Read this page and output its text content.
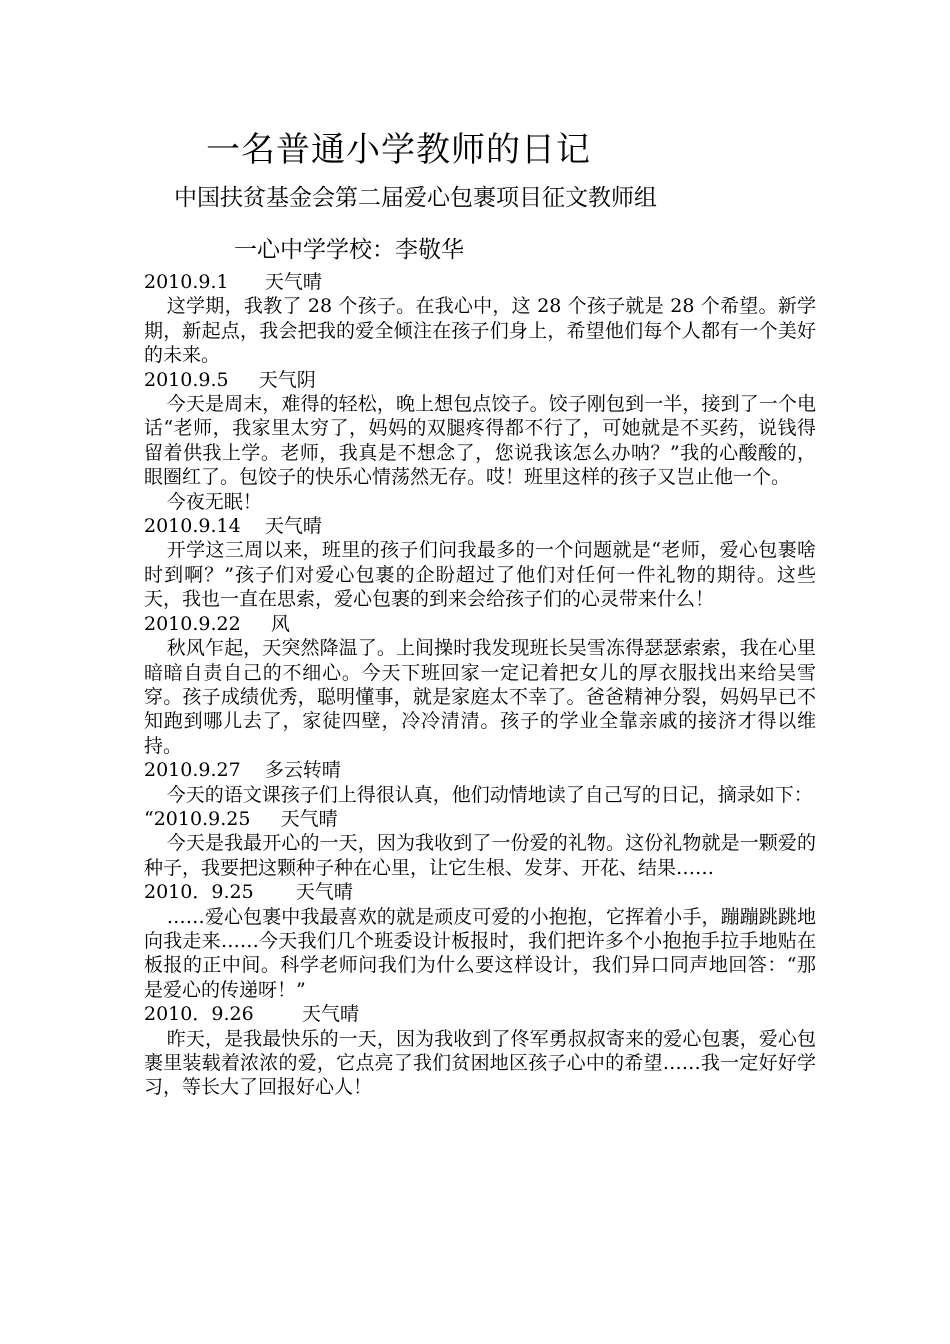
一名普通小学教师的日记
中国扶贫基金会第二届爱心包裹项目征文教师组
一心中学学校：李敬华
2010.9.1      天气晴
这学期，我教了 28 个孩子。在我心中，这 28 个孩子就是 28 个希望。新学期，新起点，我会把我的爱全倾注在孩子们身上，希望他们每个人都有一个美好的未来。
2010.9.5     天气阴
今天是周末，难得的轻松，晚上想包点饺子。饺子刚包到一半，接到了一个电话“老师，我家里太穷了，妈妈的双腿疼得都不行了，可她就是不买药，说钱得留着供我上学。老师，我真是不想念了，您说我该怎么办呐？”我的心酸酸的，眼圈红了。包饺子的快乐心情荡然无存。哎！班里这样的孩子又岂止他一个。
今夜无眠！
2010.9.14    天气晴
开学这三周以来，班里的孩子们问我最多的一个问题就是“老师，爱心包裹啥时到啊？”孩子们对爱心包裹的企盼超过了他们对任何一件礼物的期待。这些天，我也一直在思索，爱心包裹的到来会给孩子们的心灵带来什么！
2010.9.22     风
秋风乍起，天突然降温了。上间操时我发现班长吴雪冻得瑟瑟索索，我在心里暗暗自责自己的不细心。今天下班回家一定记着把女儿的厚衣服找出来给吴雪穿。孩子成绩优秀，聪明懂事，就是家庭太不幸了。爸爸精神分裂，妈妈早已不知跑到哪儿去了，家徒四壁，冷冷清清。孩子的学业全靠亲戚的接济才得以维持。
2010.9.27    多云转晴
今天的语文课孩子们上得很认真，他们动情地读了自己写的日记，摘录如下：
“2010.9.25     天气晴
今天是我最开心的一天，因为我收到了一份爱的礼物。这份礼物就是一颗爱的种子，我要把这颗种子种在心里，让它生根、发芽、开花、结果……
2010．9.25       天气晴
……爱心包裹中我最喜欢的就是顽皮可爱的小抱抱，它挥着小手，蹦蹦跳跳地向我走来……今天我们几个班委设计板报时，我们把许多个小抱抱手拉手地贴在板报的正中间。科学老师问我们为什么要这样设计，我们异口同声地回答：“那是爱心的传递呀！”
2010．9.26        天气晴
昨天，是我最快乐的一天，因为我收到了佟军勇叔叔寄来的爱心包裹，爱心包裹里装载着浓浓的爱，它点亮了我们贫困地区孩子心中的希望……我一定好好学习，等长大了回报好心人！
